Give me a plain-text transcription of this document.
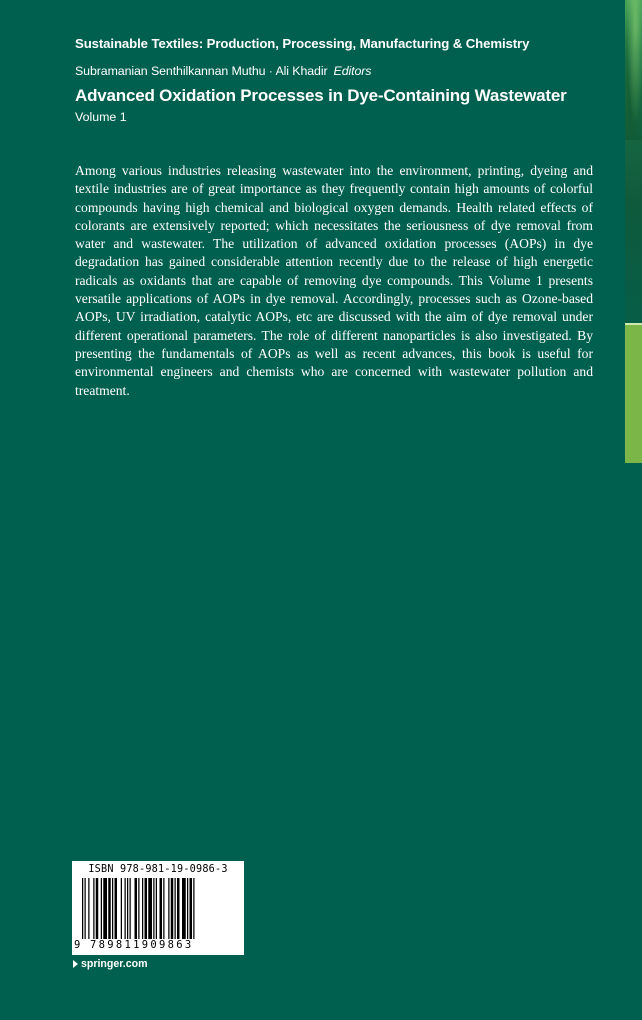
Sustainable Textiles: Production, Processing, Manufacturing & Chemistry
Subramanian Senthilkannan Muthu · Ali Khadir Editors
Advanced Oxidation Processes in Dye-Containing Wastewater
Volume 1

Among various industries releasing wastewater into the environment, printing, dyeing and textile industries are of great importance as they frequently contain high amounts of colorful compounds having high chemical and biological oxygen demands. Health related effects of colorants are extensively reported; which necessitates the seriousness of dye removal from water and wastewater. The utilization of advanced oxidation processes (AOPs) in dye degradation has gained considerable attention recently due to the release of high energetic radicals as oxidants that are capable of removing dye compounds. This Volume 1 presents versatile applications of AOPs in dye removal. Accordingly, processes such as Ozone-based AOPs, UV irradiation, catalytic AOPs, etc are discussed with the aim of dye removal under different operational parameters. The role of different nanoparticles is also investigated. By presenting the fundamentals of AOPs as well as recent advances, this book is useful for environmental engineers and chemists who are concerned with wastewater pollution and treatment.

ISBN 978-981-19-0986-3
9 789811909863
springer.com
